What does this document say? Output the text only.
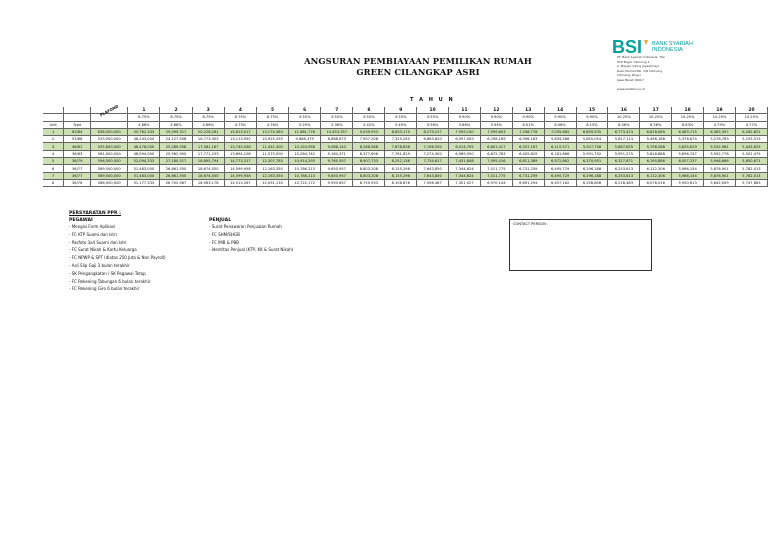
ANGSURAN PEMBIAYAAN PEMILIKAN RUMAH
GREEN CILANGKAP ASRI
BSI BANK SYARIAH
INDONESIA
PT. Bank Syariah Indonesia, Tbk
KCP Bogor Cibinong 1
Jl. Mayjen Oking Jayaatmaja
Ruko Permai Blk. 2/B Cibinong
Cibinong, Bogor
Jawa Barat 16917

www.bankbsi.co.id
T A H U N
		PLAFOND	1	2	3	4	5	6	7	8	9	10	11	12	13	14	15	16	17	18	19	20
			8.75%	8.75%	8.75%	8.75%	8.75%	9.55%	9.55%	9.55%	9.55%	9.55%	9.90%	9.90%	9.90%	9.90%	9.90%	10.25%	10.25%	10.25%	10.25%	10.25%
Unit	Type		4.88%	4.68%	4.68%	4.73%	4.76%	5.29%	5.36%	5.42%	5.49%	5.56%	5.86%	5.94%	6.01%	6.08%	6.15%	6.46%	6.56%	6.63%	4.79%	4.77%
1	63/84	638,500,000	55,762,333	29,099,317	20,226,261	15,813,517	13,174,383	11,681,776	10,453,357	9,539,933	8,833,175	8,279,217	7,955,130	7,599,603	7,298,778	7,035,662	6,859,535	6,773,423	6,618,069	6,483,715	6,365,397	6,262,621
2	53/68	529,500,000	46,243,000	24,127,558	16,773,303	13,113,950	10,925,355	9,688,379	8,668,673	7,907,208	7,325,240	6,865,820	6,597,009	6,298,169	6,096,163	5,834,586	5,655,054	5,617,113	5,498,188	5,376,874	5,278,763	5,193,513
3	46/61	555,800,000	48,476,000	25,289,558	17,581,167	13,745,558	11,451,300	10,154,958	9,086,143	8,288,088	7,678,838	7,196,550	6,914,795	6,601,417	6,337,167	6,112,571	5,927,738	5,887,625	5,758,588	5,635,819	5,532,961	5,443,625
4	36/63	561,000,000	48,994,000	25,562,900	17,771,233	13,894,108	11,575,000	10,264,742	9,184,371	8,377,608	7,761,819	7,274,300	6,989,550	6,672,783	6,405,829	6,181,686	5,991,792	5,951,275	5,816,888	5,696,747	5,592,776	5,502,475
5	36/79	596,500,000	52,094,333	27,180,517	18,895,794	14,773,317	12,307,783	10,914,293	9,765,557	8,907,733	8,252,136	7,734,617	7,431,848	7,095,016	6,811,389	6,572,862	6,370,951	6,327,871	6,190,886	6,057,237	5,946,686	5,850,671
6	36/77	589,500,000	51,483,000	26,861,550	18,674,050	14,599,958	12,163,350	10,786,213	9,650,957	8,803,208	8,155,296	7,643,850	7,344,624	7,011,775	6,731,259	6,495,729	6,296,188	6,253,613	6,112,306	5,986,154	5,876,901	5,782,013
7	36/77	589,500,000	51,483,000	26,861,550	18,674,050	14,599,958	12,163,350	10,786,213	9,650,957	8,803,208	8,155,296	7,643,850	7,344,624	7,011,775	6,731,259	6,495,729	6,296,188	6,253,613	6,112,306	5,986,154	5,876,901	5,782,013
8	36/76	586,000,000	51,177,333	26,702,067	18,563,178	14,513,267	12,091,133	10,722,172	9,593,657	8,750,933	8,106,876	7,598,467	7,301,027	6,970,144	6,691,294	6,457,162	6,258,806	6,216,483	6,076,016	5,950,613	5,842,009	5,747,683
PERSYARATAN PPR :
PEGAWAI
- Mengisi Form Aplikasi
- FC KTP Suami dan Istri
- Pasfoto 3x4 Suami dan Istri
- FC Surat Nikah & Kartu Keluarga
- FC NPWP & SPT (diatas 250 Juta & Non Payroll)
- Asli Slip Gaji 3 bulan terakhir
- SK Pengangkatan / SK Pegawai Tetap
- FC Rekening Tabungan 6 bulan terakhir
- FC Rekening Giro 6 bulan terakhir
PENJUAL
- Surat Penawaran Penjualan Rumah
- FC SHM/SHGB
- FC IMB & PBB
- Identitas Penjual (KTP, KK & Surat Nikah)
CONTACT PERSON :
